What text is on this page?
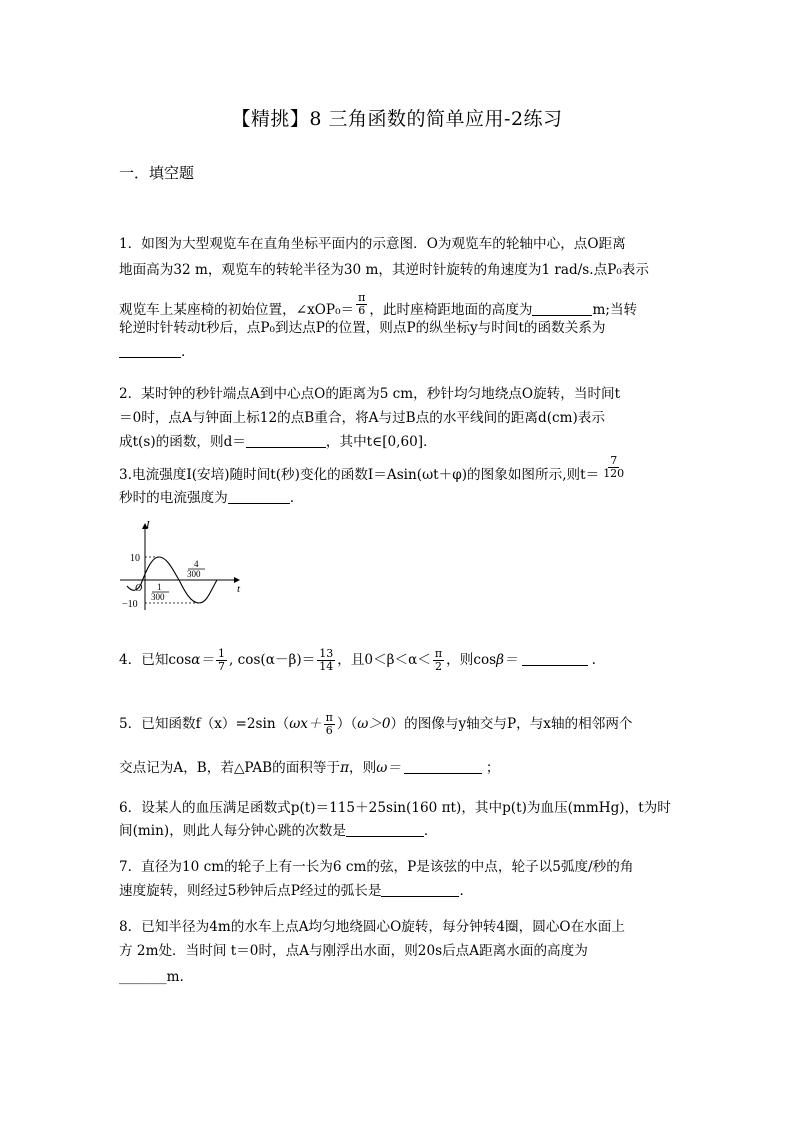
【精挑】8 三角函数的简单应用-2练习
一．填空题
1．如图为大型观览车在直角坐标平面内的示意图．O为观览车的轮轴中心，点O距离
地面高为32 m，观览车的转轮半径为30 m，其逆时针旋转的角速度为1 rad/s.点P₀表示
观览车上某座椅的初始位置，∠xOP₀＝ $\frac{\pi}{6}$ ，此时座椅距地面的高度为	m;当转
轮逆时针转动t秒后，点P₀到达点P的位置，则点P的纵坐标y与时间t的函数关系为
.
2．某时钟的秒针端点A到中心点O的距离为5 cm，秒针均匀地绕点O旋转，当时间t
＝0时，点A与钟面上标12的点B重合，将A与过B点的水平线间的距离d(cm)表示
成t(s)的函数，则d＝	，其中t∈[0,60]．
3.电流强度I(安培)随时间t(秒)变化的函数I＝Asin(ωt＋φ)的图象如图所示,则$t= \frac{7}{120}$
秒时的电流强度为	.
I
t
O
10
−10
1
300
4
300
4．已知$\cos\alpha= \frac{1}{7}$ , $\cos(\alpha-\beta)= \frac{13}{14}$ ，且$0<\beta<\alpha< \frac{\pi}{2}$ ，则cosβ＝	.
5．已知函数$f(x)=2\sin(\omega x+ \frac{\pi}{6} )(\omega>0)$的图像与y轴交与P，与x轴的相邻两个
交点记为A，B，若△PAB的面积等于π，则ω＝	；
6．设某人的血压满足函数式p(t)＝115＋25sin(160 πt)，其中p(t)为血压(mmHg)，t为时
间(min)，则此人每分钟心跳的次数是	．
7．直径为10 cm的轮子上有一长为6 cm的弦，P是该弦的中点，轮子以5弧度/秒的角
速度旋转，则经过5秒钟后点P经过的弧长是	．
8．已知半径为4m的水车上点A均匀地绕圆心O旋转，每分钟转4圈，圆心O在水面上
方 2m处．当时间 t＝0时，点A与刚浮出水面，则20s后点A距离水面的高度为
_______m.
